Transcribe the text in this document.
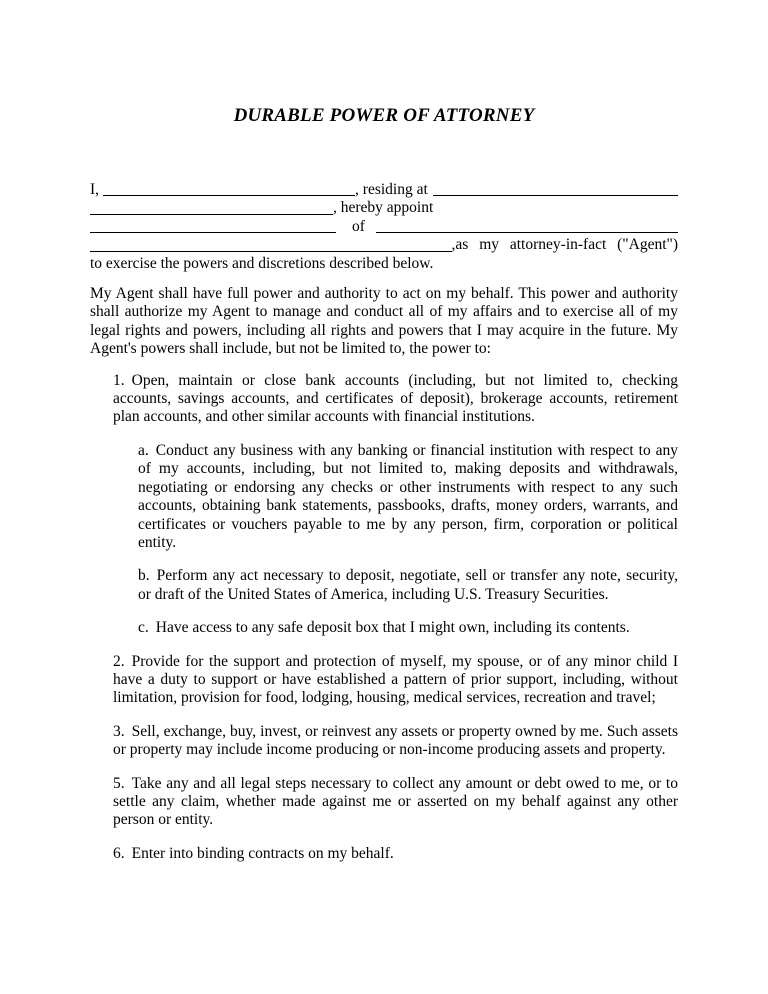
DURABLE POWER OF ATTORNEY
I,	, residing at
, hereby appoint
of
,as my attorney-in-fact ("Agent")
to exercise the powers and discretions described below.
My Agent shall have full power and authority to act on my behalf. This power and authority shall authorize my Agent to manage and conduct all of my affairs and to exercise all of my legal rights and powers, including all rights and powers that I may acquire in the future. My Agent's powers shall include, but not be limited to, the power to:
1. Open, maintain or close bank accounts (including, but not limited to, checking accounts, savings accounts, and certificates of deposit), brokerage accounts, retirement plan accounts, and other similar accounts with financial institutions.
a. Conduct any business with any banking or financial institution with respect to any of my accounts, including, but not limited to, making deposits and withdrawals, negotiating or endorsing any checks or other instruments with respect to any such accounts, obtaining bank statements, passbooks, drafts, money orders, warrants, and certificates or vouchers payable to me by any person, firm, corporation or political entity.
b. Perform any act necessary to deposit, negotiate, sell or transfer any note, security, or draft of the United States of America, including U.S. Treasury Securities.
c. Have access to any safe deposit box that I might own, including its contents.
2. Provide for the support and protection of myself, my spouse, or of any minor child I have a duty to support or have established a pattern of prior support, including, without limitation, provision for food, lodging, housing, medical services, recreation and travel;
3. Sell, exchange, buy, invest, or reinvest any assets or property owned by me. Such assets or property may include income producing or non-income producing assets and property.
5. Take any and all legal steps necessary to collect any amount or debt owed to me, or to settle any claim, whether made against me or asserted on my behalf against any other person or entity.
6. Enter into binding contracts on my behalf.
